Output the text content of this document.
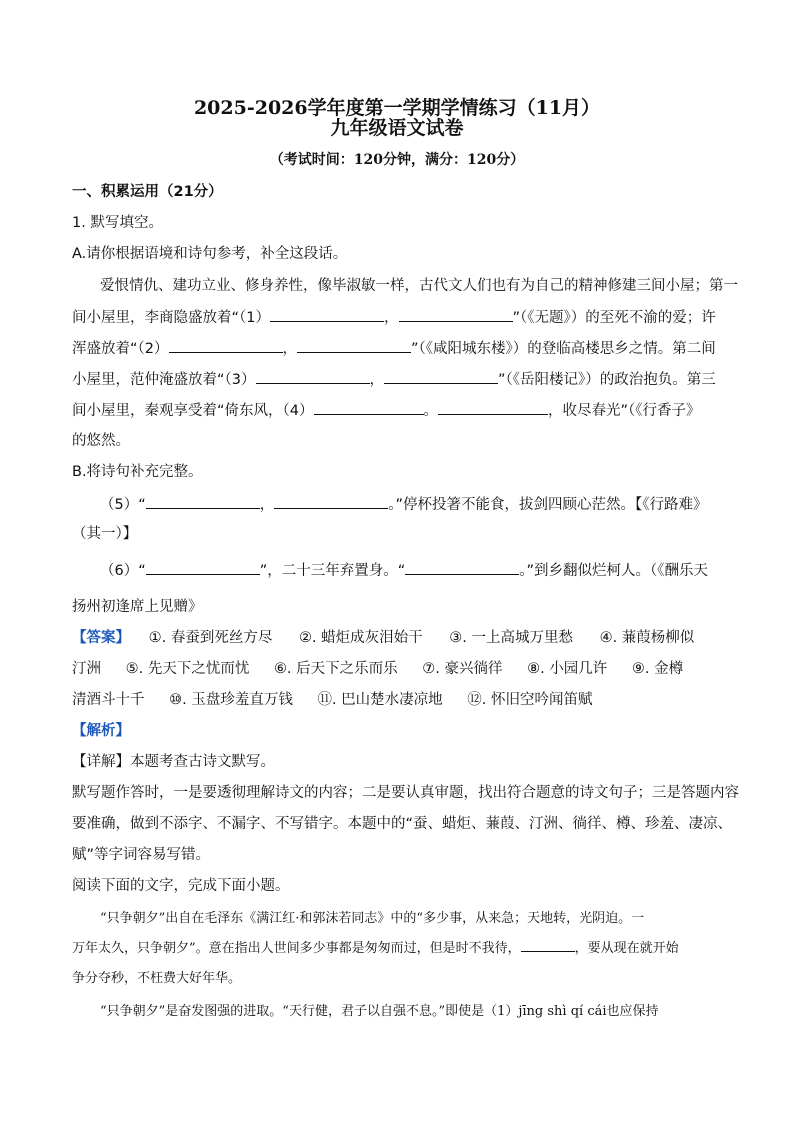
2025-2026学年度第一学期学情练习（11月）
九年级语文试卷
（考试时间：120分钟，满分：120分）
一、积累运用（21分）
1. 默写填空。
A.请你根据语境和诗句参考，补全这段话。
爱恨情仇、建功立业、修身养性，像毕淑敏一样，古代文人们也有为自己的精神修建三间小屋；第一
间小屋里，李商隐盛放着“（1）	，	”（《无题》）的至死不渝的爱；许
浑盛放着“（2）	，	”（《咸阳城东楼》）的登临高楼思乡之情。第二间
小屋里，范仲淹盛放着“（3）	，	”（《岳阳楼记》）的政治抱负。第三
间小屋里，秦观享受着“倚东风，（4）	。	，收尽春光”（《行香子》
的悠然。
B.将诗句补充完整。
（5）“	，	。”停杯投箸不能食，拔剑四顾心茫然。【《行路难》
（其一）】
（6）“	”，二十三年弃置身。“	。”到乡翻似烂柯人。（《酬乐天
扬州初逢席上见赠》
【答案】 ①. 春蚕到死丝方尽 ②. 蜡炬成灰泪始干 ③. 一上高城万里愁 ④. 蒹葭杨柳似
汀洲 ⑤. 先天下之忧而忧 ⑥. 后天下之乐而乐 ⑦. 豪兴徜徉 ⑧. 小园几许 ⑨. 金樽
清酒斗十千 ⑩. 玉盘珍羞直万钱 ⑪. 巴山楚水凄凉地 ⑫. 怀旧空吟闻笛赋
【解析】
【详解】本题考查古诗文默写。
默写题作答时，一是要透彻理解诗文的内容；二是要认真审题，找出符合题意的诗文句子；三是答题内容
要准确，做到不添字、不漏字、不写错字。本题中的“蚕、蜡炬、蒹葭、汀洲、徜徉、樽、珍羞、凄凉、
赋”等字词容易写错。
阅读下面的文字，完成下面小题。
“只争朝夕”出自在毛泽东《满江红·和郭沫若同志》中的“多少事，从来急；天地转，光阴迫。一
万年太久，只争朝夕”。意在指出人世间多少事都是匆匆而过，但是时不我待，	，要从现在就开始
争分夺秒，不枉费大好年华。
“只争朝夕”是奋发图强的进取。“天行健，君子以自强不息。”即使是（1）jīng shì qí cái也应保持
